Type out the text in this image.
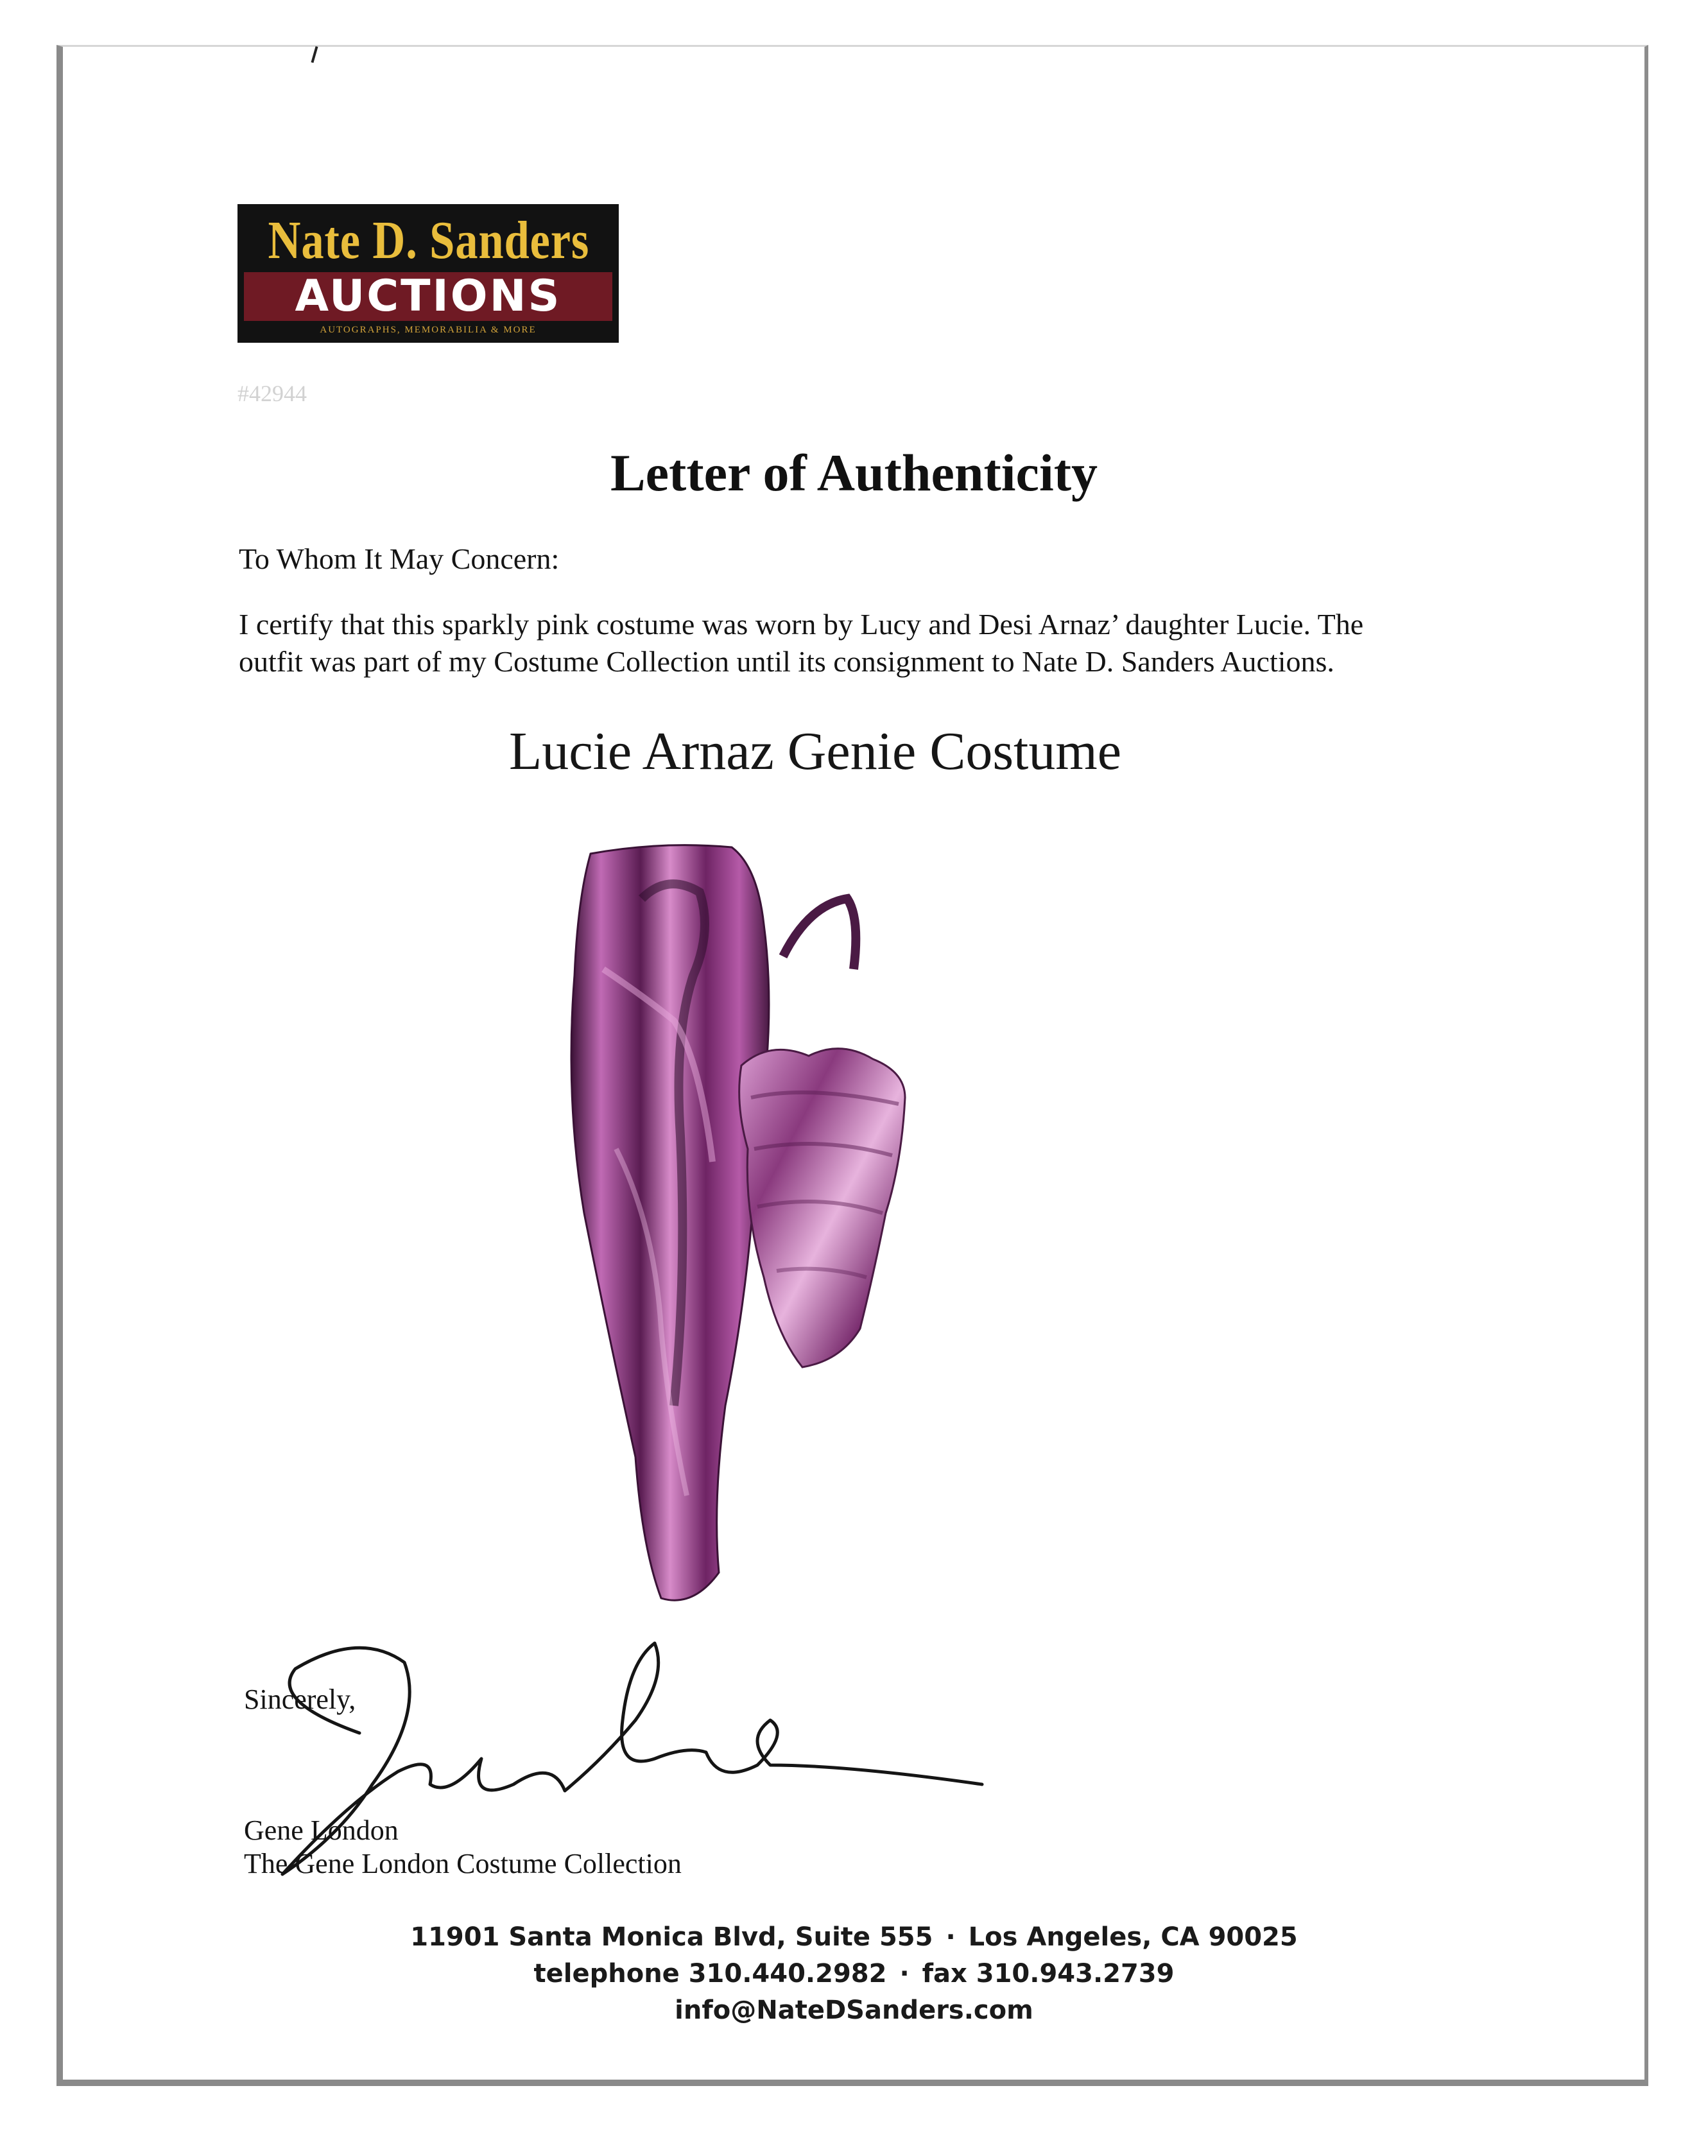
Nate D. Sanders
AUCTIONS
AUTOGRAPHS, MEMORABILIA & MORE
#42944
Letter of Authenticity
To Whom It May Concern:
I certify that this sparkly pink costume was worn by Lucy and Desi Arnaz’ daughter Lucie. The
outfit was part of my Costume Collection until its consignment to Nate D. Sanders Auctions.
Lucie Arnaz Genie Costume
Sincerely,
Gene London
The Gene London Costume Collection
11901 Santa Monica Blvd, Suite 555 · Los Angeles, CA 90025
telephone 310.440.2982 · fax 310.943.2739
info@NateDSanders.com
